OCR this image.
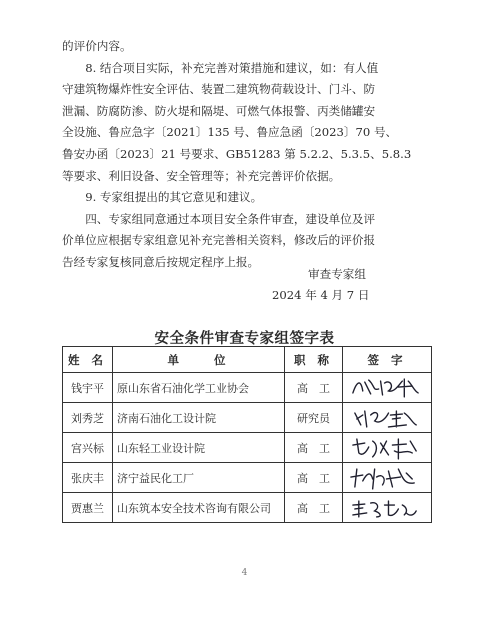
的评价内容。
8. 结合项目实际，补充完善对策措施和建议，如：有人值
守建筑物爆炸性安全评估、装置二建筑物荷载设计、门斗、防
泄漏、防腐防渗、防火堤和隔堤、可燃气体报警、丙类储罐安
全设施、鲁应急字〔2021〕135 号、鲁应急函〔2023〕70 号、
鲁安办函〔2023〕21 号要求、GB51283 第 5.2.2、5.3.5、5.8.3
等要求、利旧设备、安全管理等；补充完善评价依据。
9. 专家组提出的其它意见和建议。
四、专家组同意通过本项目安全条件审查，建设单位及评
价单位应根据专家组意见补充完善相关资料，修改后的评价报
告经专家复核同意后按规定程序上报。
审查专家组
2024 年 4 月 7 日
安全条件审查专家组签字表
姓 名	单　　位	职 称	签 字
钱宇平	原山东省石油化学工业协会	高　工	

刘秀芝	济南石油化工设计院	研究员	

宫兴标	山东轻工业设计院	高　工	

张庆丰	济宁益民化工厂	高　工	

贾惠兰	山东筑本安全技术咨询有限公司	高　工	
4
